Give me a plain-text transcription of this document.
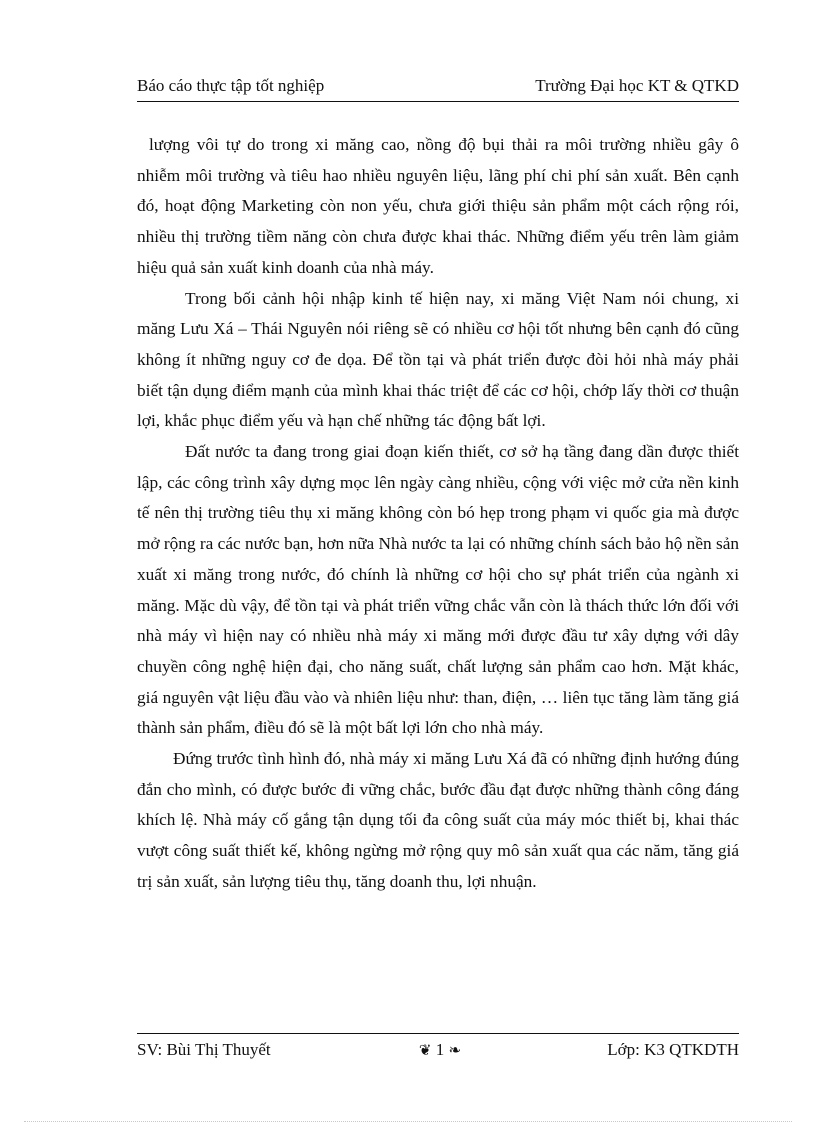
Báo cáo thực tập tốt nghiệp	Trường Đại học KT & QTKD

lượng vôi tự do trong xi măng cao, nồng độ bụi thải ra môi trường nhiều gây ô nhiễm môi trường và tiêu hao nhiều nguyên liệu, lãng phí chi phí sản xuất. Bên cạnh đó, hoạt động Marketing còn non yếu, chưa giới thiệu sản phẩm một cách rộng rói, nhiều thị trường tiềm năng còn chưa được khai thác. Những điểm yếu trên làm giảm hiệu quả sản xuất kinh doanh của nhà máy.

Trong bối cảnh hội nhập kinh tế hiện nay, xi măng Việt Nam nói chung, xi măng Lưu Xá – Thái Nguyên nói riêng sẽ có nhiều cơ hội tốt nhưng bên cạnh đó cũng không ít những nguy cơ đe dọa. Để tồn tại và phát triển được đòi hỏi nhà máy phải biết tận dụng điểm mạnh của mình khai thác triệt để các cơ hội, chớp lấy thời cơ thuận lợi, khắc phục điểm yếu và hạn chế những tác động bất lợi.

Đất nước ta đang trong giai đoạn kiến thiết, cơ sở hạ tầng đang dần được thiết lập, các công trình xây dựng mọc lên ngày càng nhiều, cộng với việc mở cửa nền kinh tế nên thị trường tiêu thụ xi măng không còn bó hẹp trong phạm vi quốc gia mà được mở rộng ra các nước bạn, hơn nữa Nhà nước ta lại có những chính sách bảo hộ nền sản xuất xi măng trong nước, đó chính là những cơ hội cho sự phát triển của ngành xi măng. Mặc dù vậy, để tồn tại và phát triển vững chắc vẫn còn là thách thức lớn đối với nhà máy vì hiện nay có nhiều nhà máy xi măng mới được đầu tư xây dựng với dây chuyền công nghệ hiện đại, cho năng suất, chất lượng sản phẩm cao hơn. Mặt khác, giá nguyên vật liệu đầu vào và nhiên liệu như: than, điện, … liên tục tăng làm tăng giá thành sản phẩm, điều đó sẽ là một bất lợi lớn cho nhà máy.

Đứng trước tình hình đó, nhà máy xi măng Lưu Xá đã có những định hướng đúng đắn cho mình, có được bước đi vững chắc, bước đầu đạt được những thành công đáng khích lệ. Nhà máy cố gắng tận dụng tối đa công suất của máy móc thiết bị, khai thác vượt công suất thiết kế, không ngừng mở rộng quy mô sản xuất qua các năm, tăng giá trị sản xuất, sản lượng tiêu thụ, tăng doanh thu, lợi nhuận.

SV: Bùi Thị Thuyết	❦ 1 ❧	Lớp: K3 QTKDTH
